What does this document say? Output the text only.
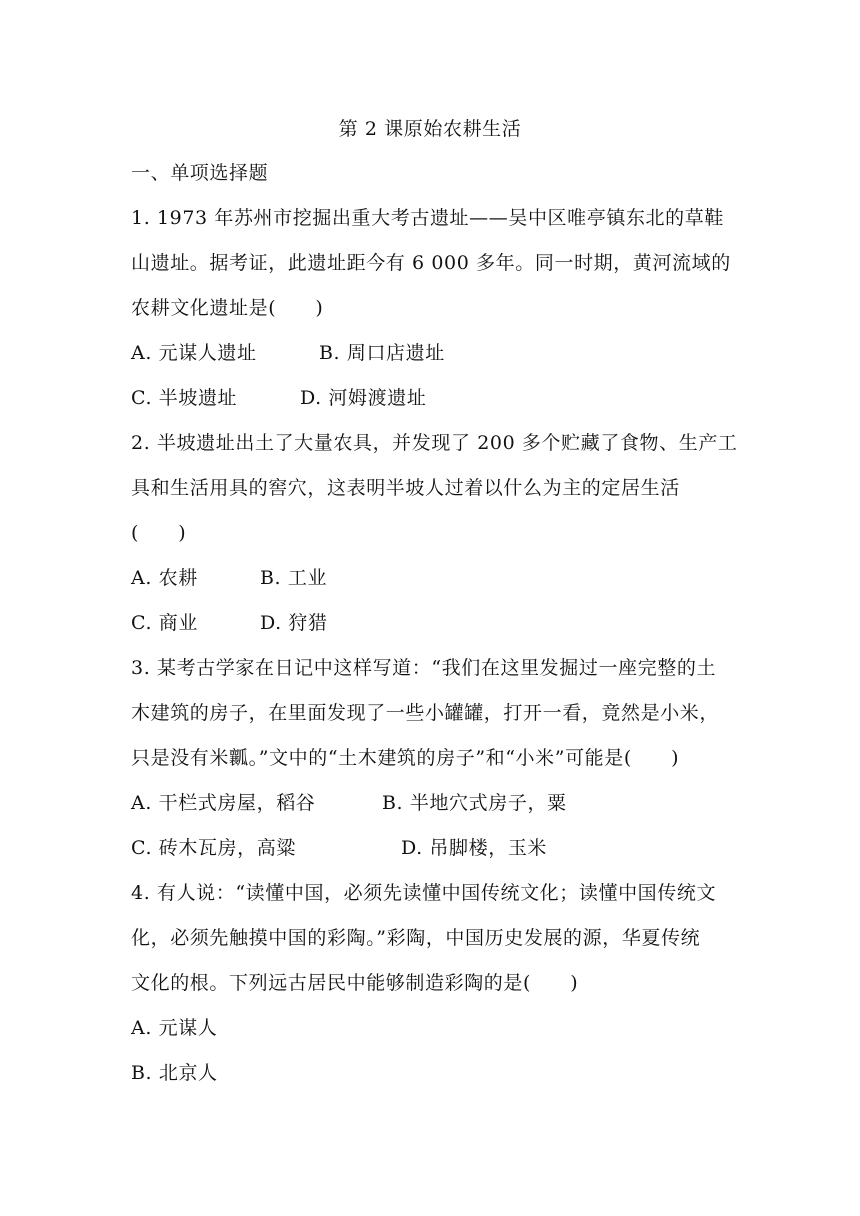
第 2 课原始农耕生活
一、单项选择题
1. 1973 年苏州市挖掘出重大考古遗址——吴中区唯亭镇东北的草鞋
山遗址。据考证，此遗址距今有 6 000 多年。同一时期，黄河流域的
农耕文化遗址是(　　)
A. 元谋人遗址	B. 周口店遗址
C. 半坡遗址	D. 河姆渡遗址
2. 半坡遗址出土了大量农具，并发现了 200 多个贮藏了食物、生产工
具和生活用具的窖穴，这表明半坡人过着以什么为主的定居生活
(　　)
A. 农耕	B. 工业
C. 商业	D. 狩猎
3. 某考古学家在日记中这样写道：“我们在这里发掘过一座完整的土
木建筑的房子，在里面发现了一些小罐罐，打开一看，竟然是小米，
只是没有米瓤。”文中的“土木建筑的房子”和“小米”可能是(　　)
A. 干栏式房屋，稻谷	B. 半地穴式房子，粟
C. 砖木瓦房，高粱	D. 吊脚楼，玉米
4. 有人说：“读懂中国，必须先读懂中国传统文化；读懂中国传统文
化，必须先触摸中国的彩陶。”彩陶，中国历史发展的源，华夏传统
文化的根。下列远古居民中能够制造彩陶的是(　　)
A. 元谋人
B. 北京人
